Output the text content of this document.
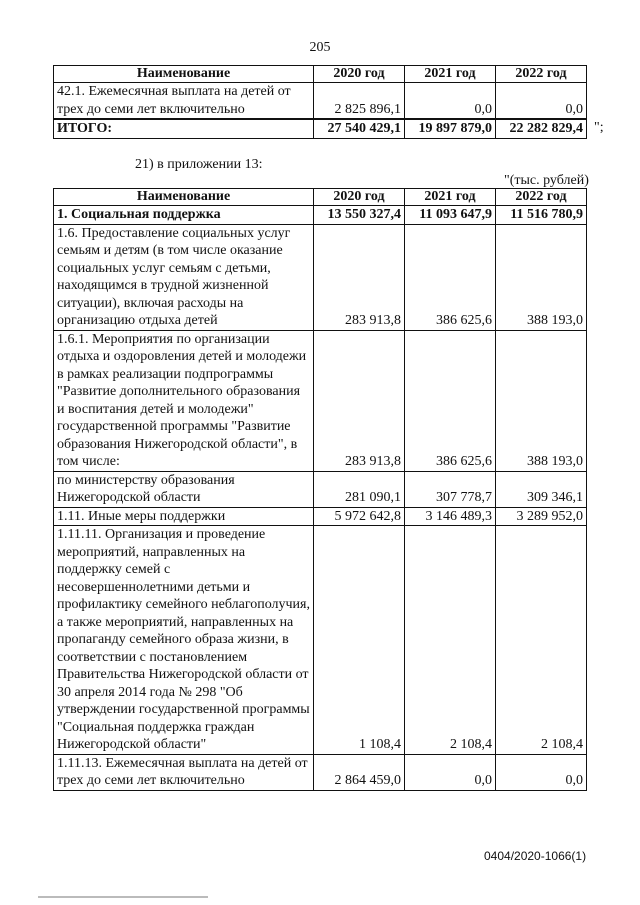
205
Наименование	2020 год	2021 год	2022 год
42.1. Ежемесячная выплата на детей от трех до семи лет включительно	2 825 896,1	0,0	0,0
ИТОГО:	27 540 429,1	19 897 879,0	22 282 829,4 ";
21) в приложении 13:
"(тыс. рублей)
Наименование	2020 год	2021 год	2022 год
1. Социальная поддержка	13 550 327,4	11 093 647,9	11 516 780,9
1.6. Предоставление социальных услуг семьям и детям (в том числе оказание социальных услуг семьям с детьми, находящимся в трудной жизненной ситуации), включая расходы на организацию отдыха детей	283 913,8	386 625,6	388 193,0
1.6.1. Мероприятия по организации отдыха и оздоровления детей и молодежи в рамках реализации подпрограммы "Развитие дополнительного образования и воспитания детей и молодежи" государственной программы "Развитие образования Нижегородской области", в том числе:	283 913,8	386 625,6	388 193,0
по министерству образования Нижегородской области	281 090,1	307 778,7	309 346,1
1.11. Иные меры поддержки	5 972 642,8	3 146 489,3	3 289 952,0
1.11.11. Организация и проведение мероприятий, направленных на поддержку семей с несовершеннолетними детьми и профилактику семейного неблагополучия, а также мероприятий, направленных на пропаганду семейного образа жизни, в соответствии с постановлением Правительства Нижегородской области от 30 апреля 2014 года № 298 "Об утверждении государственной программы "Социальная поддержка граждан Нижегородской области"	1 108,4	2 108,4	2 108,4
1.11.13. Ежемесячная выплата на детей от трех до семи лет включительно	2 864 459,0	0,0	0,0
0404/2020-1066(1)
